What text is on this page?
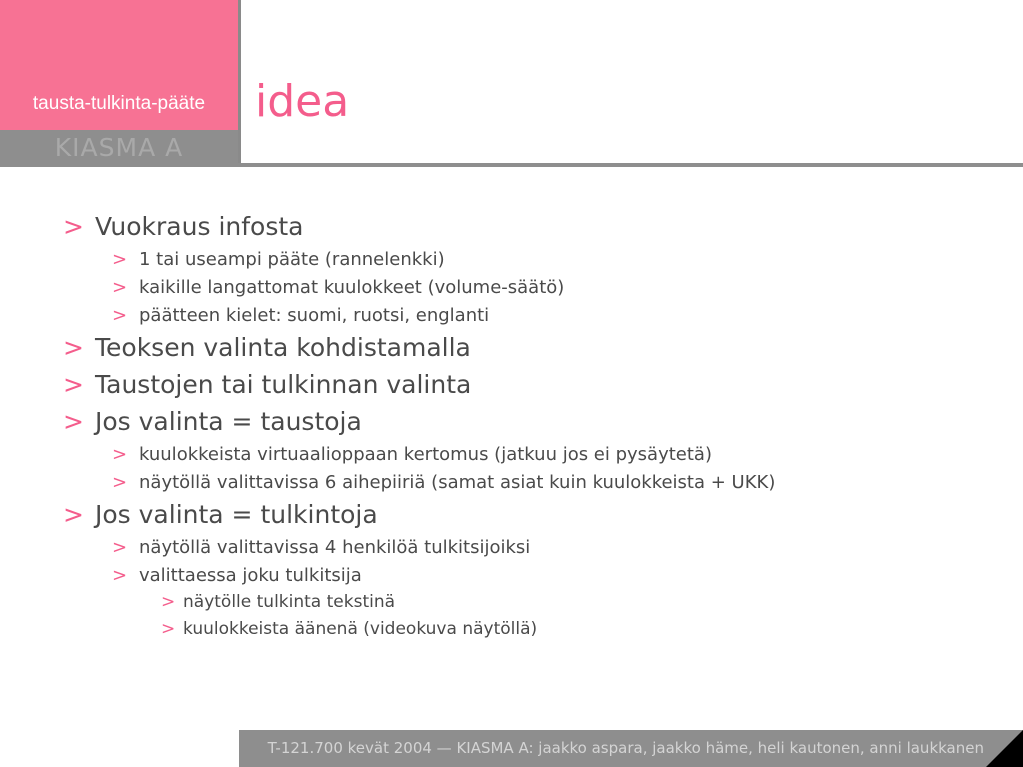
tausta-tulkinta-pääte
KIASMA A
idea
> Vuokraus infosta
> 1 tai useampi pääte (rannelenkki)
> kaikille langattomat kuulokkeet (volume-säätö)
> päätteen kielet: suomi, ruotsi, englanti
> Teoksen valinta kohdistamalla
> Taustojen tai tulkinnan valinta
> Jos valinta = taustoja
> kuulokkeista virtuaalioppaan kertomus (jatkuu jos ei pysäytetä)
> näytöllä valittavissa 6 aihepiiriä (samat asiat kuin kuulokkeista + UKK)
> Jos valinta = tulkintoja
> näytöllä valittavissa 4 henkilöä tulkitsijoiksi
> valittaessa joku tulkitsija
> näytölle tulkinta tekstinä
> kuulokkeista äänenä (videokuva näytöllä)
T-121.700 kevät 2004 — KIASMA A: jaakko aspara, jaakko häme, heli kautonen, anni laukkanen
